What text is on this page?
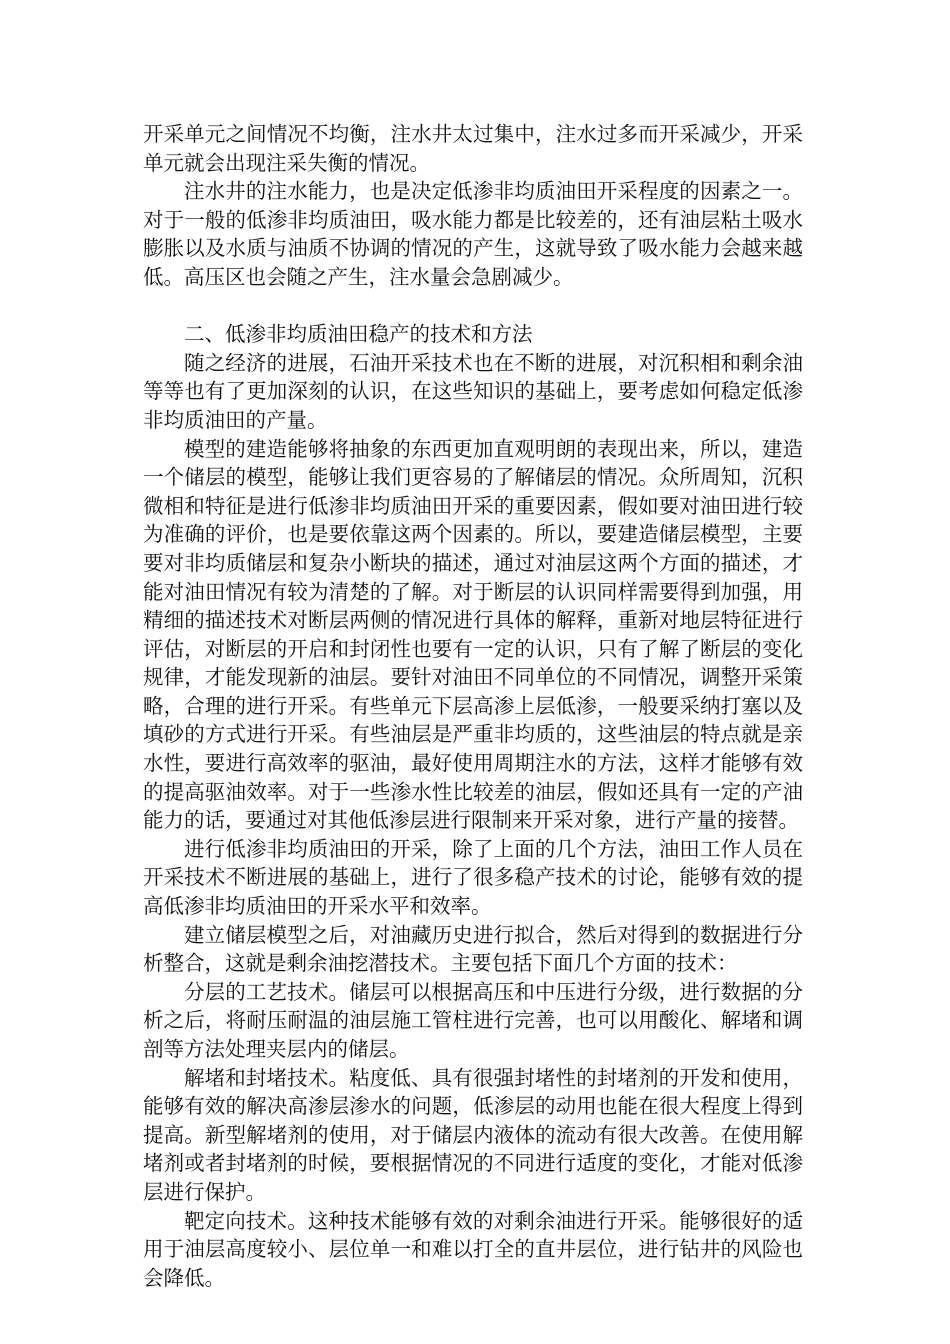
开采单元之间情况不均衡，注水井太过集中，注水过多而开采减少，开采单元就会出现注采失衡的情况。

注水井的注水能力，也是决定低渗非均质油田开采程度的因素之一。对于一般的低渗非均质油田，吸水能力都是比较差的，还有油层粘土吸水膨胀以及水质与油质不协调的情况的产生，这就导致了吸水能力会越来越低。高压区也会随之产生，注水量会急剧减少。

二、低渗非均质油田稳产的技术和方法

随之经济的进展，石油开采技术也在不断的进展，对沉积相和剩余油等等也有了更加深刻的认识，在这些知识的基础上，要考虑如何稳定低渗非均质油田的产量。

模型的建造能够将抽象的东西更加直观明朗的表现出来，所以，建造一个储层的模型，能够让我们更容易的了解储层的情况。众所周知，沉积微相和特征是进行低渗非均质油田开采的重要因素，假如要对油田进行较为准确的评价，也是要依靠这两个因素的。所以，要建造储层模型，主要要对非均质储层和复杂小断块的描述，通过对油层这两个方面的描述，才能对油田情况有较为清楚的了解。对于断层的认识同样需要得到加强，用精细的描述技术对断层两侧的情况进行具体的解释，重新对地层特征进行评估，对断层的开启和封闭性也要有一定的认识，只有了解了断层的变化规律，才能发现新的油层。要针对油田不同单位的不同情况，调整开采策略，合理的进行开采。有些单元下层高渗上层低渗，一般要采纳打塞以及填砂的方式进行开采。有些油层是严重非均质的，这些油层的特点就是亲水性，要进行高效率的驱油，最好使用周期注水的方法，这样才能够有效的提高驱油效率。对于一些渗水性比较差的油层，假如还具有一定的产油能力的话，要通过对其他低渗层进行限制来开采对象，进行产量的接替。

进行低渗非均质油田的开采，除了上面的几个方法，油田工作人员在开采技术不断进展的基础上，进行了很多稳产技术的讨论，能够有效的提高低渗非均质油田的开采水平和效率。

建立储层模型之后，对油藏历史进行拟合，然后对得到的数据进行分析整合，这就是剩余油挖潜技术。主要包括下面几个方面的技术：

分层的工艺技术。储层可以根据高压和中压进行分级，进行数据的分析之后，将耐压耐温的油层施工管柱进行完善，也可以用酸化、解堵和调剖等方法处理夹层内的储层。

解堵和封堵技术。粘度低、具有很强封堵性的封堵剂的开发和使用，能够有效的解决高渗层渗水的问题，低渗层的动用也能在很大程度上得到提高。新型解堵剂的使用，对于储层内液体的流动有很大改善。在使用解堵剂或者封堵剂的时候，要根据情况的不同进行适度的变化，才能对低渗层进行保护。

靶定向技术。这种技术能够有效的对剩余油进行开采。能够很好的适用于油层高度较小、层位单一和难以打全的直井层位，进行钻井的风险也会降低。
